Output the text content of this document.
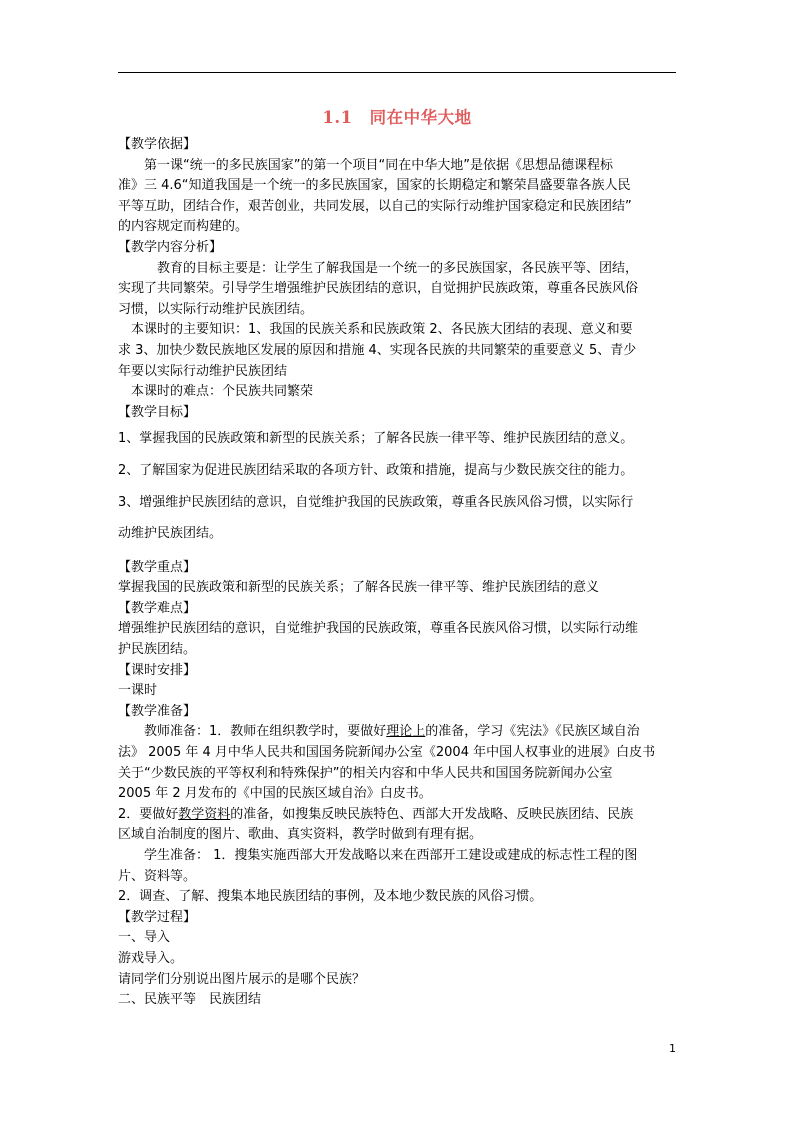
1.1　同在中华大地
【教学依据】
　　第一课“统一的多民族国家”的第一个项目“同在中华大地”是依据《思想品德课程标
准》三 4.6“知道我国是一个统一的多民族国家，国家的长期稳定和繁荣昌盛要靠各族人民
平等互助，团结合作，艰苦创业，共同发展，以自己的实际行动维护国家稳定和民族团结”
的内容规定而构建的。
【教学内容分析】
　　　教育的目标主要是：让学生了解我国是一个统一的多民族国家，各民族平等、团结，
实现了共同繁荣。引导学生增强维护民族团结的意识，自觉拥护民族政策，尊重各民族风俗
习惯，以实际行动维护民族团结。
　本课时的主要知识：1、我国的民族关系和民族政策 2、各民族大团结的表现、意义和要
求 3、加快少数民族地区发展的原因和措施 4、实现各民族的共同繁荣的重要意义 5、青少
年要以实际行动维护民族团结
　本课时的难点：个民族共同繁荣
【教学目标】
1、掌握我国的民族政策和新型的民族关系；了解各民族一律平等、维护民族团结的意义。
2、了解国家为促进民族团结采取的各项方针、政策和措施，提高与少数民族交往的能力。
3、增强维护民族团结的意识，自觉维护我国的民族政策，尊重各民族风俗习惯，以实际行
动维护民族团结。
【教学重点】
掌握我国的民族政策和新型的民族关系；了解各民族一律平等、维护民族团结的意义
【教学难点】
增强维护民族团结的意识，自觉维护我国的民族政策，尊重各民族风俗习惯，以实际行动维
护民族团结。
【课时安排】
一课时
【教学准备】
　　教师准备：1．教师在组织教学时，要做好理论上的准备，学习《宪法》《民族区域自治
法》 2005 年 4 月中华人民共和国国务院新闻办公室《2004 年中国人权事业的进展》白皮书
关于“少数民族的平等权利和特殊保护”的相关内容和中华人民共和国国务院新闻办公室
2005 年 2 月发布的《中国的民族区域自治》白皮书。
2．要做好教学资料的准备，如搜集反映民族特色、西部大开发战略、反映民族团结、民族
区域自治制度的图片、歌曲、真实资料，教学时做到有理有据。
　　学生准备： 1．搜集实施西部大开发战略以来在西部开工建设或建成的标志性工程的图
片、资料等。
2．调查、了解、搜集本地民族团结的事例，及本地少数民族的风俗习惯。
【教学过程】
一、导入
游戏导入。
请同学们分别说出图片展示的是哪个民族？
二、民族平等　民族团结
1
